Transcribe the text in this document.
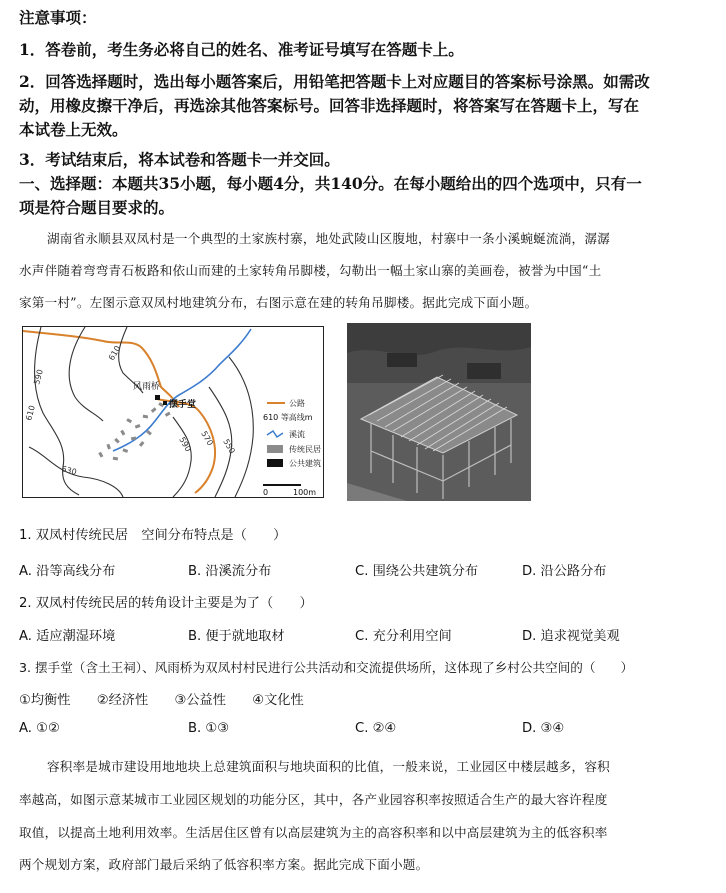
注意事项：
1．答卷前，考生务必将自己的姓名、准考证号填写在答题卡上。
2．回答选择题时，选出每小题答案后，用铅笔把答题卡上对应题目的答案标号涂黑。如需改
动，用橡皮擦干净后，再选涂其他答案标号。回答非选择题时，将答案写在答题卡上，写在
本试卷上无效。
3．考试结束后，将本试卷和答题卡一并交回。
一、选择题：本题共35小题，每小题4分，共140分。在每小题给出的四个选项中，只有一
项是符合题目要求的。
湖南省永顺县双凤村是一个典型的土家族村寨，地处武陵山区腹地，村寨中一条小溪蜿蜒流淌，潺潺
水声伴随着弯弯青石板路和依山而建的土家转角吊脚楼，勾勒出一幅土家山寨的美画卷，被誉为中国“土
家第一村”。左图示意双凤村地建筑分布，右图示意在建的转角吊脚楼。据此完成下面小题。
610
590
610
630
590 570 550
风雨桥
摆手堂
0	100m
公路
610 等高线m
溪流
传统民居
公共建筑
1. 双凤村传统民居　空间分布特点是（　　）
A. 沿等高线分布	B. 沿溪流分布	C. 围绕公共建筑分布	D. 沿公路分布
2. 双凤村传统民居的转角设计主要是为了（　　）
A. 适应潮湿环境	B. 便于就地取材	C. 充分利用空间	D. 追求视觉美观
3. 摆手堂（含土王祠）、风雨桥为双凤村村民进行公共活动和交流提供场所，这体现了乡村公共空间的（　　）
①均衡性　　②经济性　　③公益性　　④文化性
A. ①②	B. ①③	C. ②④	D. ③④
容积率是城市建设用地地块上总建筑面积与地块面积的比值，一般来说，工业园区中楼层越多，容积
率越高，如图示意某城市工业园区规划的功能分区，其中，各产业园容积率按照适合生产的最大容许程度
取值，以提高土地利用效率。生活居住区曾有以高层建筑为主的高容积率和以中高层建筑为主的低容积率
两个规划方案，政府部门最后采纳了低容积率方案。据此完成下面小题。
